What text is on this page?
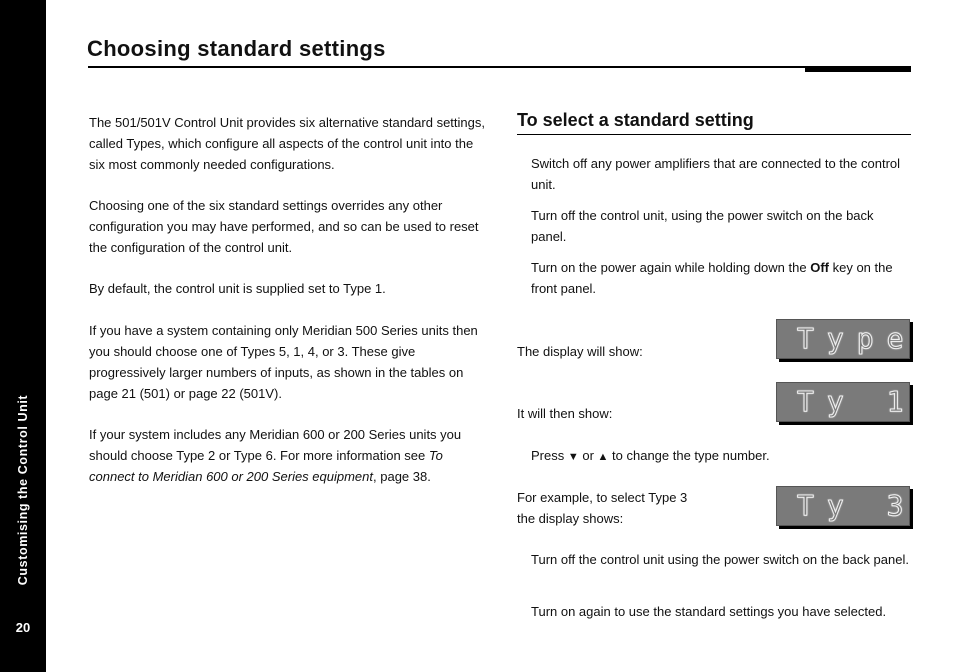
Customising the Control Unit
20
Choosing standard settings

The 501/501V Control Unit provides six alternative standard settings, called Types, which configure all aspects of the control unit into the six most commonly needed configurations.

Choosing one of the six standard settings overrides any other configuration you may have performed, and so can be used to reset the configuration of the control unit.

By default, the control unit is supplied set to Type 1.

If you have a system containing only Meridian 500 Series units then you should choose one of Types 5, 1, 4, or 3. These give progressively larger numbers of inputs, as shown in the tables on page 21 (501) or page 22 (501V).

If your system includes any Meridian 600 or 200 Series units you should choose Type 2 or Type 6. For more information see To connect to Meridian 600 or 200 Series equipment, page 38.

To select a standard setting

Switch off any power amplifiers that are connected to the control unit.

Turn off the control unit, using the power switch on the back panel.

Turn on the power again while holding down the Off key on the front panel.

The display will show:	Type

It will then show:	Ty 1

Press ▼ or ▲ to change the type number.

For example, to select Type 3
the display shows:	Ty 3

Turn off the control unit using the power switch on the back panel.

Turn on again to use the standard settings you have selected.
